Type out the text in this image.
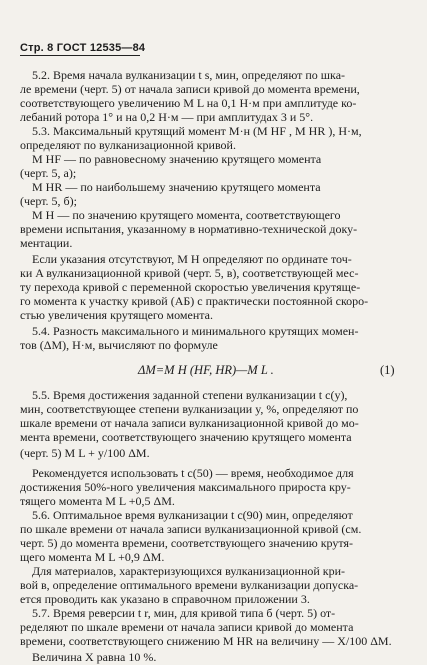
Стр. 8 ГОСТ 12535—84
5.2. Время начала вулканизации t s, мин, определяют по шка-
ле времени (черт. 5) от начала записи кривой до момента времени,
соответствующего увеличению M L на 0,1 Н·м при амплитуде ко-
лебаний ротора 1° и на 0,2 Н·м — при амплитудах 3 и 5°.
5.3. Максимальный крутящий момент М·н (M HF , M HR ), Н·м,
определяют по вулканизационной кривой.
M HF — по равновесному значению крутящего момента
(черт. 5, а);
M HR — по наибольшему значению крутящего момента
(черт. 5, б);
M H — по значению крутящего момента, соответствующего
времени испытания, указанному в нормативно-технической доку-
ментации.
Если указания отсутствуют, M H определяют по ординате точ-
ки A вулканизационной кривой (черт. 5, в), соответствующей мес-
ту перехода кривой с переменной скоростью увеличения крутяще-
го момента к участку кривой (AБ) с практически постоянной скоро-
стью увеличения крутящего момента.
5.4. Разность максимального и минимального крутящих момен-
тов (ΔM), Н·м, вычисляют по формуле
ΔM=M H (HF, HR)—M L .	(1)
5.5. Время достижения заданной степени вулканизации t c(y),
мин, соответствующее степени вулканизации y, %, определяют по
шкале времени от начала записи вулканизационной кривой до мо-
мента времени, соответствующего значению крутящего момента
(черт. 5) M L + y/100 ΔM.
Рекомендуется использовать t c(50) — время, необходимое для
достижения 50%-ного увеличения максимального прироста кру-
тящего момента M L +0,5 ΔM.
5.6. Оптимальное время вулканизации t c(90) мин, определяют
по шкале времени от начала записи вулканизационной кривой (см.
черт. 5) до момента времени, соответствующего значению крутя-
щего момента M L +0,9 ΔM.
Для материалов, характеризующихся вулканизационной кри-
вой в, определение оптимального времени вулканизации допуска-
ется проводить как указано в справочном приложении 3.
5.7. Время реверсии t r, мин, для кривой типа б (черт. 5) от-
ределяют по шкале времени от начала записи кривой до момента
времени, соответствующего снижению M HR на величину — X/100 ΔM.
Величина X равна 10 %.
